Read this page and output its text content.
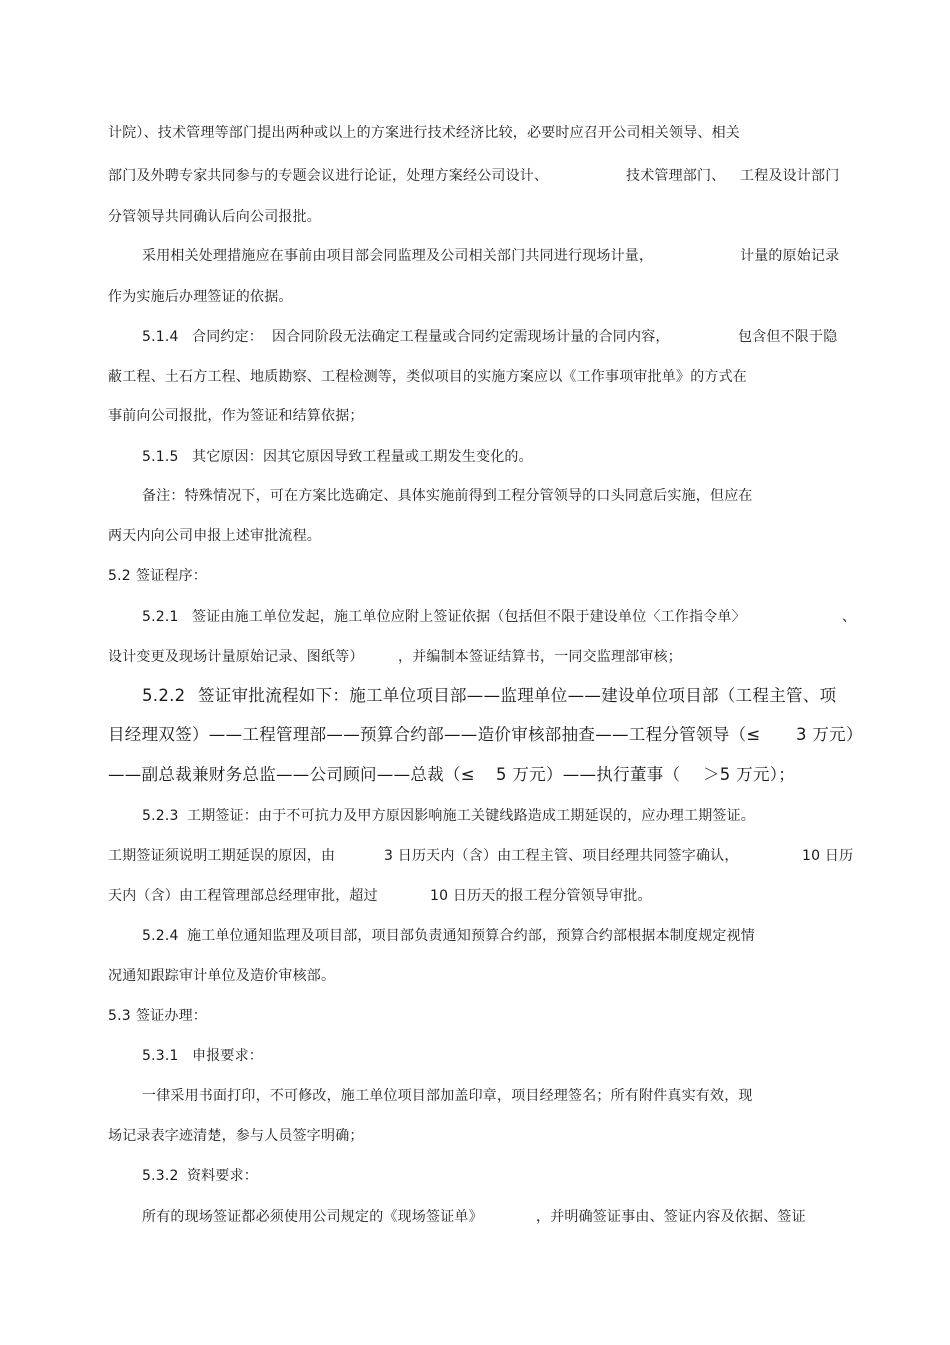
计院）、技术管理等部门提出两种或以上的方案进行技术经济比较，必要时应召开公司相关领导、相关
部门及外聘专家共同参与的专题会议进行论证，处理方案经公司设计、	技术管理部门、 工程及设计部门
分管领导共同确认后向公司报批。
采用相关处理措施应在事前由项目部会同监理及公司相关部门共同进行现场计量，	计量的原始记录
作为实施后办理签证的依据。
5.1.4 合同约定： 因合同阶段无法确定工程量或合同约定需现场计量的合同内容，	包含但不限于隐
蔽工程、土石方工程、地质勘察、工程检测等，类似项目的实施方案应以《工作事项审批单》的方式在
事前向公司报批，作为签证和结算依据；
5.1.5 其它原因：因其它原因导致工程量或工期发生变化的。
备注：特殊情况下，可在方案比选确定、具体实施前得到工程分管领导的口头同意后实施，但应在
两天内向公司申报上述审批流程。
5.2 签证程序：
5.2.1 签证由施工单位发起，施工单位应附上签证依据（包括但不限于建设单位〈工作指令单〉	、
设计变更及现场计量原始记录、图纸等） ，并编制本签证结算书，一同交监理部审核；
5.2.2 签证审批流程如下：施工单位项目部——监理单位——建设单位项目部（工程主管、项
目经理双签）——工程管理部——预算合约部——造价审核部抽查——工程分管领导（≤ 3 万元）
——副总裁兼财务总监——公司顾问——总裁（≤ 5 万元）——执行董事（ ＞5 万元）；
5.2.3 工期签证：由于不可抗力及甲方原因影响施工关键线路造成工期延误的，应办理工期签证。
工期签证须说明工期延误的原因，由	3 日历天内（含）由工程主管、项目经理共同签字确认，	10 日历
天内（含）由工程管理部总经理审批，超过	10 日历天的报工程分管领导审批。
5.2.4 施工单位通知监理及项目部，项目部负责通知预算合约部，预算合约部根据本制度规定视情
况通知跟踪审计单位及造价审核部。
5.3 签证办理：
5.3.1 申报要求：
一律采用书面打印，不可修改，施工单位项目部加盖印章，项目经理签名；所有附件真实有效，现
场记录表字迹清楚，参与人员签字明确；
5.3.2 资料要求：
所有的现场签证都必须使用公司规定的《现场签证单》	，并明确签证事由、签证内容及依据、签证
